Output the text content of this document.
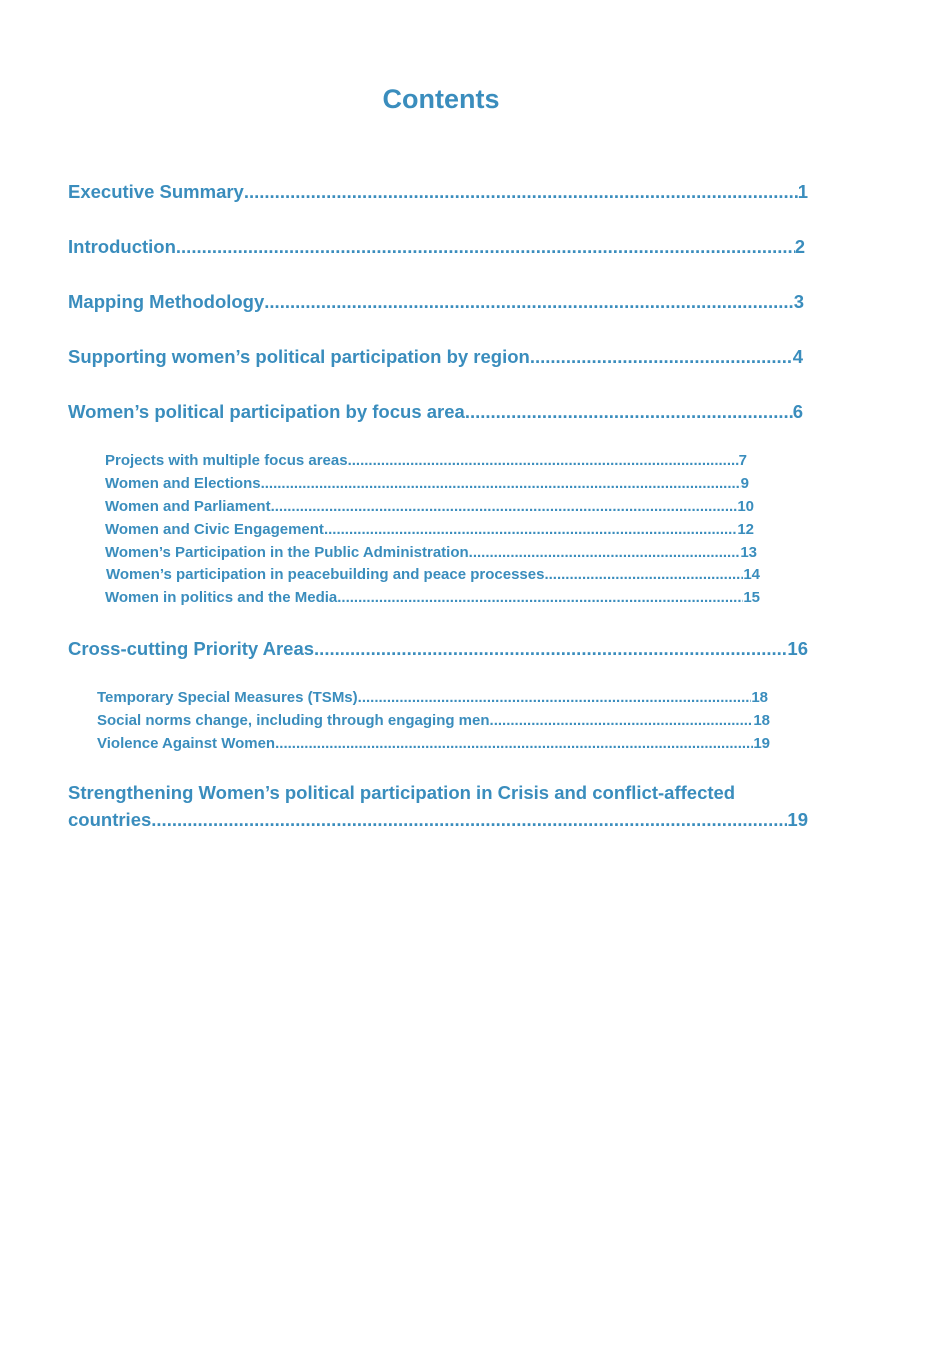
Contents
Executive Summary .....	1
Introduction .....	2
Mapping Methodology .....	3
Supporting women’s political participation by region. .....	4
Women’s political participation by focus area .....	6
Projects with multiple focus areas .....	7
Women and Elections .....	9
Women and Parliament .....	10
Women and Civic Engagement .....	12
Women’s Participation in the Public Administration .....	13
Women’s participation in peacebuilding and peace processes .....	14
Women in politics and the Media .....	15
Cross-cutting Priority Areas .....	16
Temporary Special Measures (TSMs) .....	18
Social norms change, including through engaging men .....	18
Violence Against Women .....	19
Strengthening Women’s political participation in Crisis and conflict-affected
countries .....	19
